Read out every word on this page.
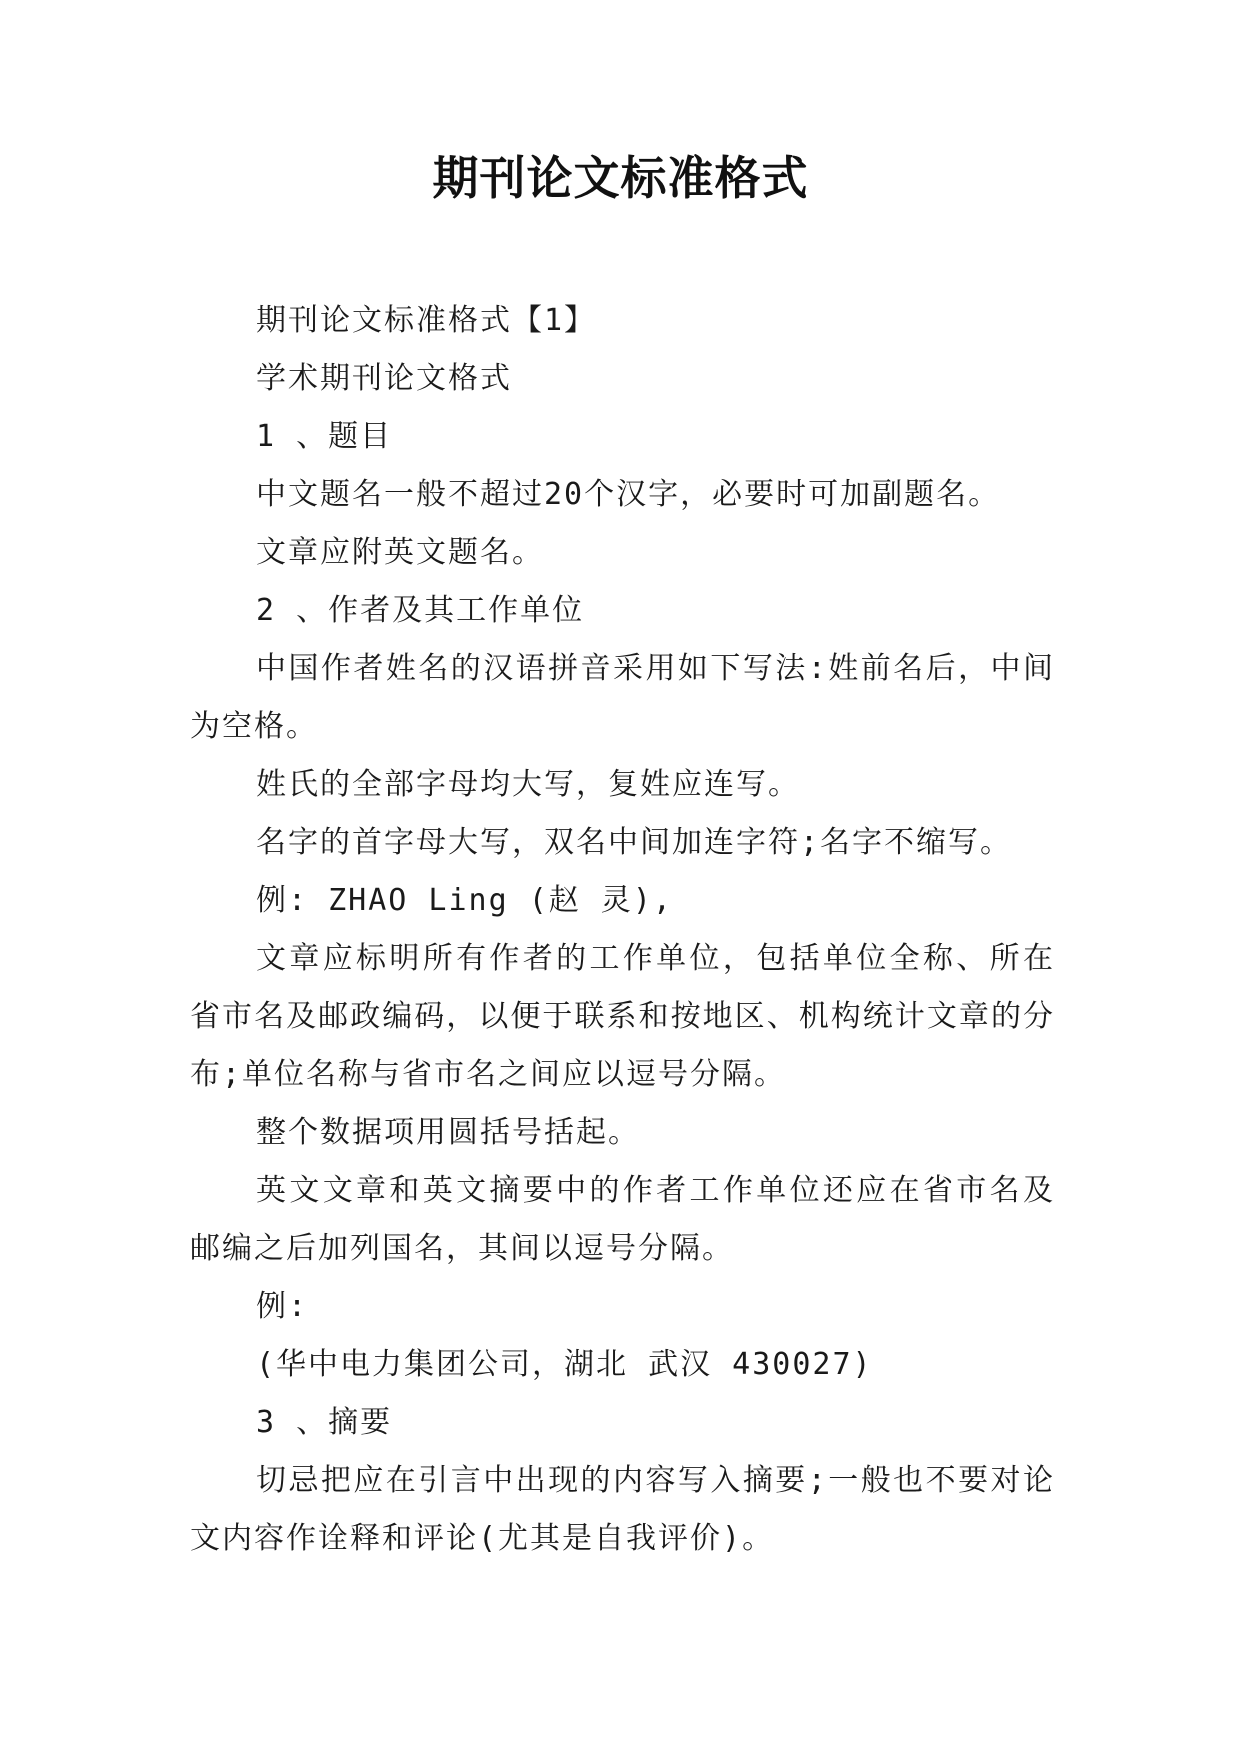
期刊论文标准格式

期刊论文标准格式【1】

学术期刊论文格式

1 、题目

中文题名一般不超过20个汉字，必要时可加副题名。

文章应附英文题名。

2 、作者及其工作单位

中国作者姓名的汉语拼音采用如下写法:姓前名后，中间为空格。

姓氏的全部字母均大写，复姓应连写。

名字的首字母大写，双名中间加连字符;名字不缩写。

例: ZHAO Ling (赵 灵),

文章应标明所有作者的工作单位，包括单位全称、所在省市名及邮政编码，以便于联系和按地区、机构统计文章的分布;单位名称与省市名之间应以逗号分隔。

整个数据项用圆括号括起。

英文文章和英文摘要中的作者工作单位还应在省市名及邮编之后加列国名，其间以逗号分隔。

例:

(华中电力集团公司，湖北 武汉 430027)

3 、摘要

切忌把应在引言中出现的内容写入摘要;一般也不要对论文内容作诠释和评论(尤其是自我评价)。
